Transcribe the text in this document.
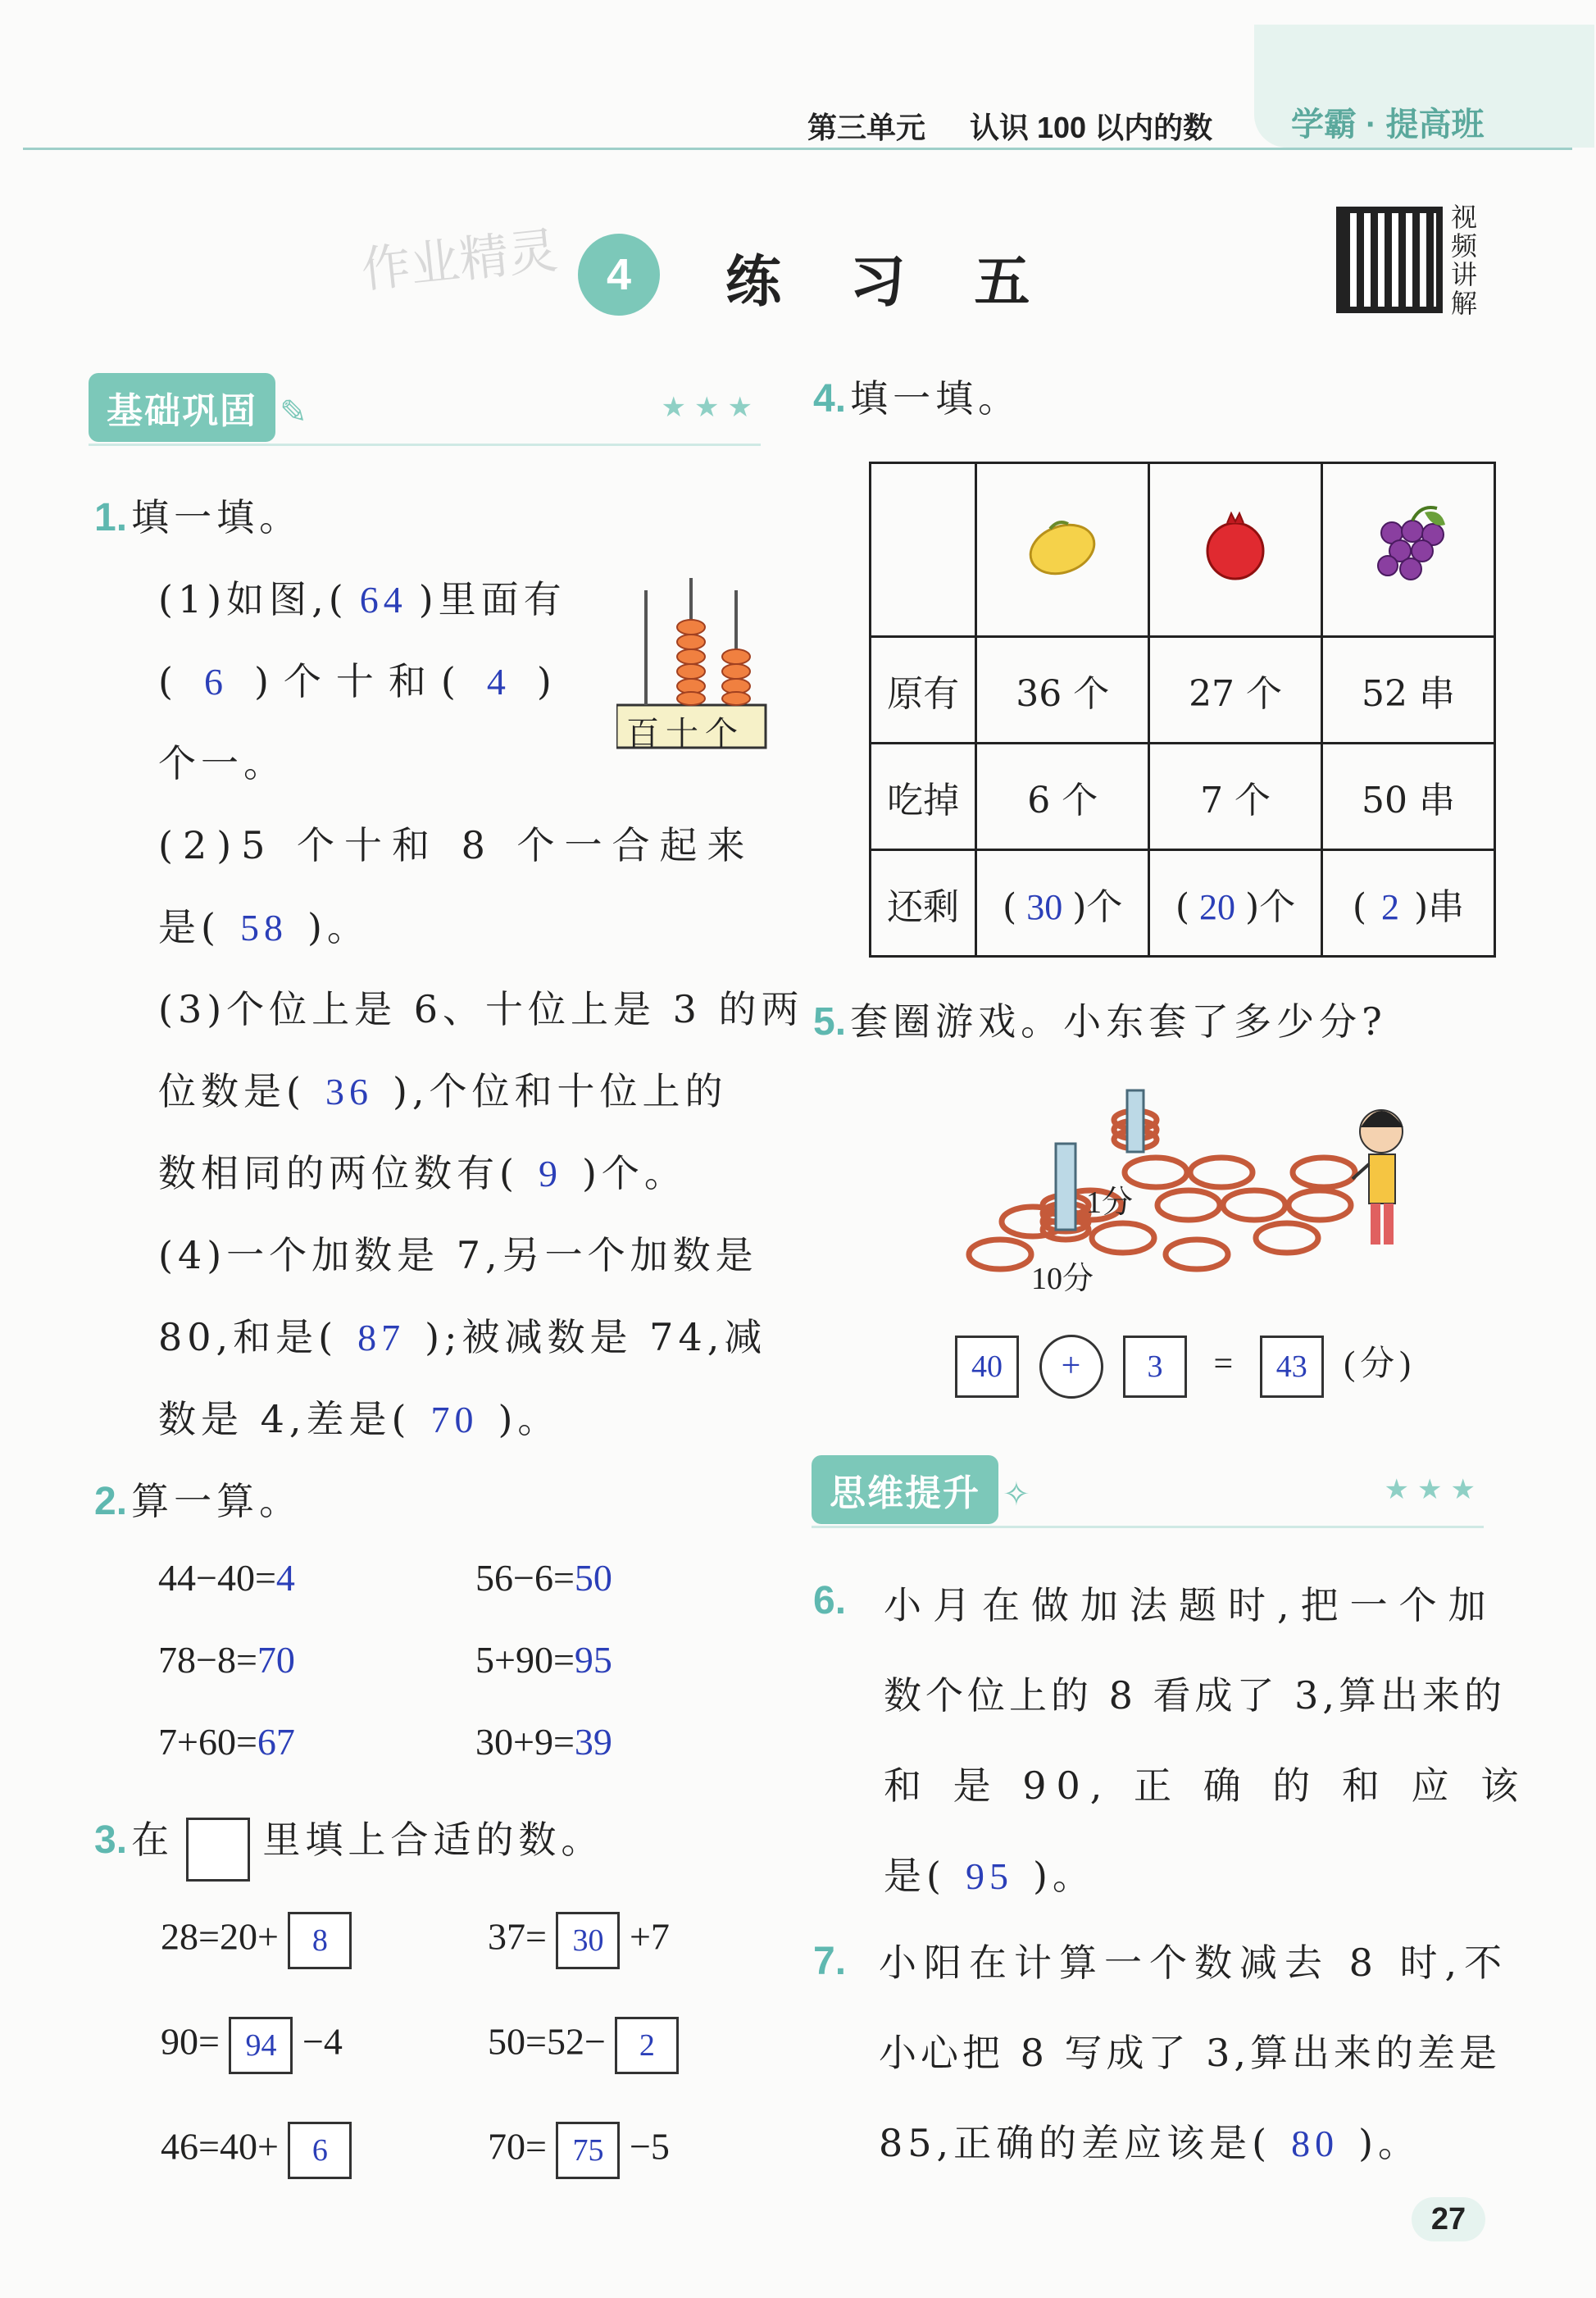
第三单元 认识 100 以内的数 学霸 · 提高班
作业精灵	4	练 习 五
视频讲解
基础巩固 ✎	★★★
1. 填一填。
(1)如图,( 64 )里面有
( 6 )个十和( 4 )
个一。
百十个
(2)5 个十和 8 个一合起来
是( 58 )。
(3)个位上是 6、十位上是 3 的两
位数是( 36 ),个位和十位上的
数相同的两位数有( 9 )个。
(4)一个加数是 7,另一个加数是
80,和是( 87 );被减数是 74,减
数是 4,差是( 70 )。
2. 算一算。
44−40=4	56−6=50
78−8=70	5+90=95
7+60=67	30+9=39
3. 在 里填上合适的数。
28=20+ 8	37= 30 +7
90= 94 −4	50=52− 2
46=40+ 6	70= 75 −5
4. 填一填。

原有	36 个	27 个	52 串
吃掉	6 个	7 个	50 串
还剩	( 30 )个	( 20 )个	( 2 )串
5. 套圈游戏。小东套了多少分?
1分
10分
40 + 3 = 43 (分)
思维提升 ✧	★★★
6. 小月在做加法题时,把一个加
数个位上的 8 看成了 3,算出来的
和 是 90, 正 确 的 和 应 该
是( 95 )。
7. 小阳在计算一个数减去 8 时,不
小心把 8 写成了 3,算出来的差是
85,正确的差应该是( 80 )。
27
